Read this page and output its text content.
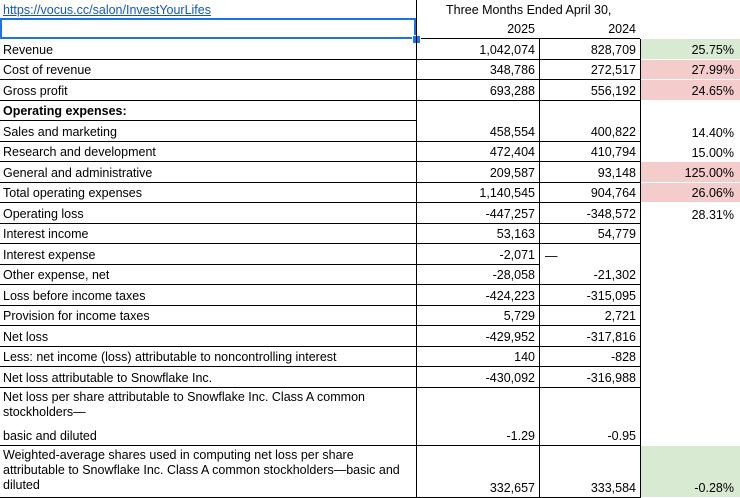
https://vocus.cc/salon/InvestYourLifes	Three Months Ended April 30,
2025	2024
Revenue	1,042,074	828,709	25.75%
Cost of revenue	348,786	272,517	27.99%
Gross profit	693,288	556,192	24.65%
Operating expenses:
Sales and marketing	458,554	400,822	14.40%
Research and development	472,404	410,794	15.00%
General and administrative	209,587	93,148	125.00%
Total operating expenses	1,140,545	904,764	26.06%
Operating loss	-447,257	-348,572	28.31%
Interest income	53,163	54,779
Interest expense	-2,071 —
Other expense, net	-28,058	-21,302
Loss before income taxes	-424,223	-315,095
Provision for income taxes	5,729	2,721
Net loss	-429,952	-317,816
Less: net income (loss) attributable to noncontrolling interest	140	-828
Net loss attributable to Snowflake Inc.	-430,092	-316,988
Net loss per share attributable to Snowflake Inc. Class A common stockholders—
basic and diluted	-1.29	-0.95
Weighted-average shares used in computing net loss per share attributable to Snowflake Inc. Class A common stockholders—basic and diluted	332,657	333,584	-0.28%
